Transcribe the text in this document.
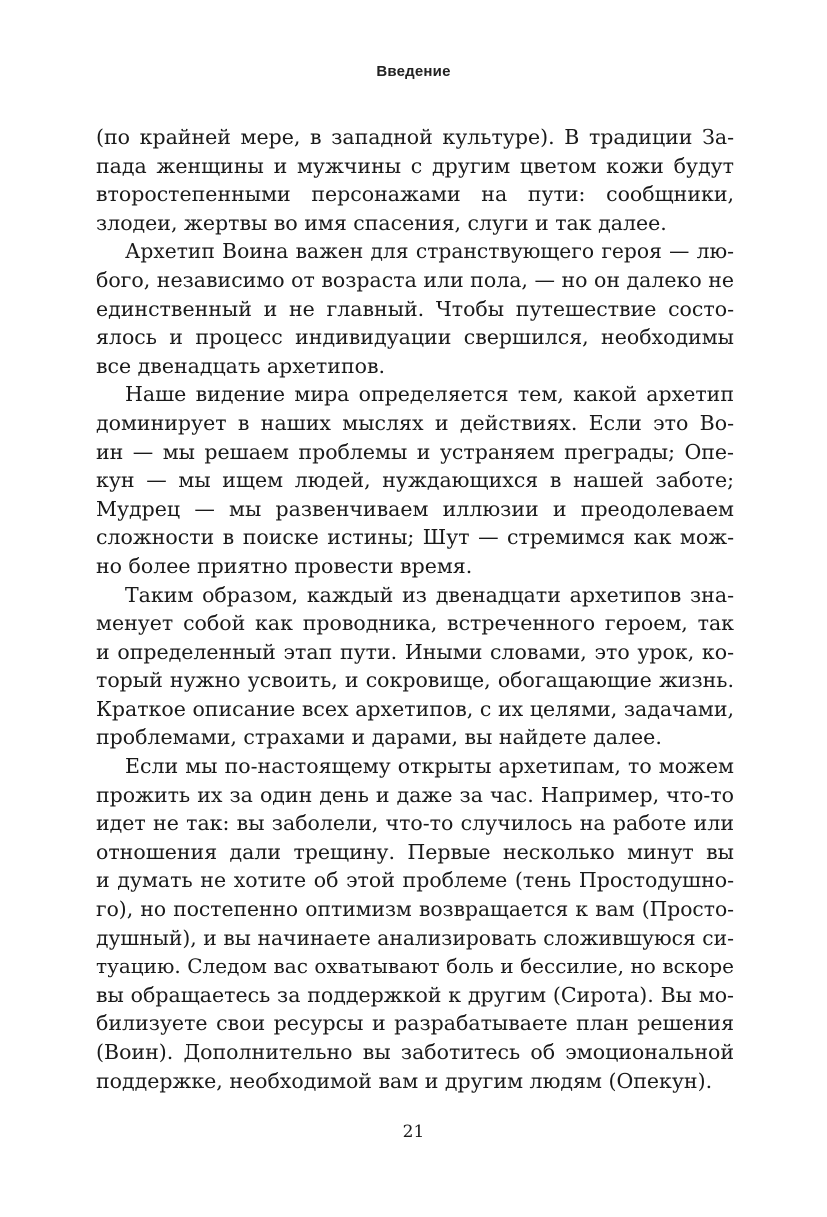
Введение
(по крайней мере, в западной культуре). В традиции За-
пада женщины и мужчины с другим цветом кожи будут
второстепенными персонажами на пути: сообщники,
злодеи, жертвы во имя спасения, слуги и так далее.
Архетип Воина важен для странствующего героя — лю-
бого, независимо от возраста или пола, — но он далеко не
единственный и не главный. Чтобы путешествие состо-
ялось и процесс индивидуации свершился, необходимы
все двенадцать архетипов.
Наше видение мира определяется тем, какой архетип
доминирует в наших мыслях и действиях. Если это Во-
ин — мы решаем проблемы и устраняем преграды; Опе-
кун — мы ищем людей, нуждающихся в нашей заботе;
Мудрец — мы развенчиваем иллюзии и преодолеваем
сложности в поиске истины; Шут — стремимся как мож-
но более приятно провести время.
Таким образом, каждый из двенадцати архетипов зна-
менует собой как проводника, встреченного героем, так
и определенный этап пути. Иными словами, это урок, ко-
торый нужно усвоить, и сокровище, обогащающие жизнь.
Краткое описание всех архетипов, с их целями, задачами,
проблемами, страхами и дарами, вы найдете далее.
Если мы по-настоящему открыты архетипам, то можем
прожить их за один день и даже за час. Например, что-то
идет не так: вы заболели, что-то случилось на работе или
отношения дали трещину. Первые несколько минут вы
и думать не хотите об этой проблеме (тень Простодушно-
го), но постепенно оптимизм возвращается к вам (Просто-
душный), и вы начинаете анализировать сложившуюся си-
туацию. Следом вас охватывают боль и бессилие, но вскоре
вы обращаетесь за поддержкой к другим (Сирота). Вы мо-
билизуете свои ресурсы и разрабатываете план решения
(Воин). Дополнительно вы заботитесь об эмоциональной
поддержке, необходимой вам и другим людям (Опекун).
21
